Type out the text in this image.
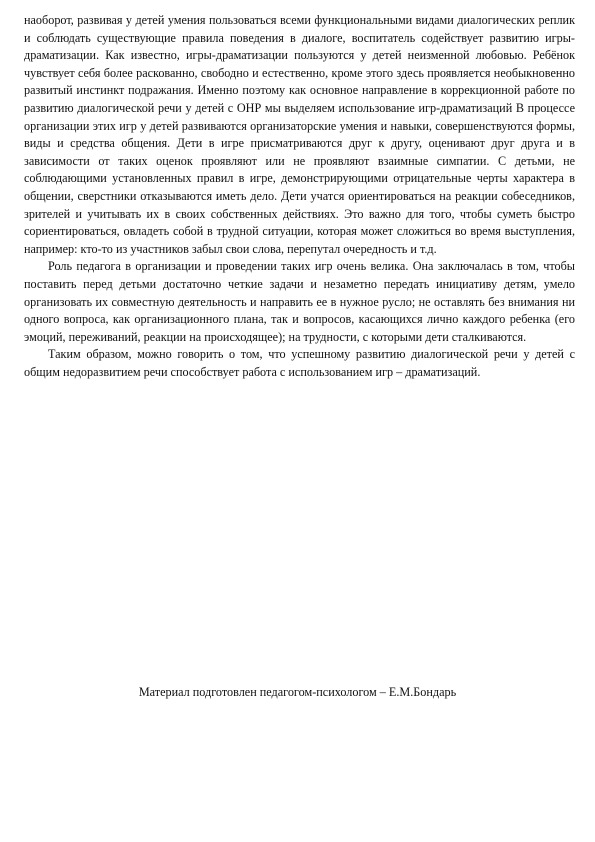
наоборот, развивая у детей умения пользоваться всеми функциональными видами диалогических реплик и соблюдать существующие правила поведения в диалоге, воспитатель содействует развитию игры-драматизации. Как известно, игры-драматизации пользуются у детей неизменной любовью. Ребёнок чувствует себя более раскованно, свободно и естественно, кроме этого здесь проявляется необыкновенно развитый инстинкт подражания. Именно поэтому как основное направление в коррекционной работе по развитию диалогической речи у детей с ОНР мы выделяем использование игр-драматизаций В процессе организации этих игр у детей развиваются организаторские умения и навыки, совершенствуются формы, виды и средства общения. Дети в игре присматриваются друг к другу, оценивают друг друга и в зависимости от таких оценок проявляют или не проявляют взаимные симпатии. С детьми, не соблюдающими установленных правил в игре, демонстрирующими отрицательные черты характера в общении, сверстники отказываются иметь дело. Дети учатся ориентироваться на реакции собеседников, зрителей и учитывать их в своих собственных действиях. Это важно для того, чтобы суметь быстро сориентироваться, овладеть собой в трудной ситуации, которая может сложиться во время выступления, например: кто-то из участников забыл свои слова, перепутал очередность и т.д.

Роль педагога в организации и проведении таких игр очень велика. Она заключалась в том, чтобы поставить перед детьми достаточно четкие задачи и незаметно передать инициативу детям, умело организовать их совместную деятельность и направить ее в нужное русло; не оставлять без внимания ни одного вопроса, как организационного плана, так и вопросов, касающихся лично каждого ребенка (его эмоций, переживаний, реакции на происходящее); на трудности, с которыми дети сталкиваются.

Таким образом, можно говорить о том, что успешному развитию диалогической речи у детей с общим недоразвитием речи способствует работа с использованием игр – драматизаций.

Материал подготовлен педагогом-психологом – Е.М.Бондарь
